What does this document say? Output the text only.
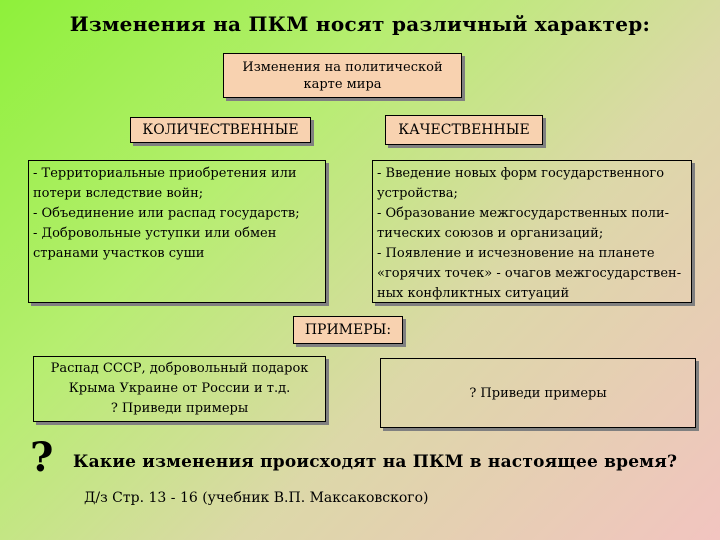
Изменения на ПКМ носят различный характер:
Изменения на политической
карте мира
КОЛИЧЕСТВЕННЫЕ	КАЧЕСТВЕННЫЕ
- Территориальные приобретения или
потери вследствие войн;
- Объединение или распад государств;
- Добровольные уступки или обмен
странами участков суши
- Введение новых форм государственного
устройства;
- Образование межгосударственных поли-
тических союзов и организаций;
- Появление и исчезновение на планете
«горячих точек» - очагов межгосударствен-
ных конфликтных ситуаций
ПРИМЕРЫ:
Распад СССР, добровольный подарок
Крыма Украине от России и т.д.
? Приведи примеры
? Приведи примеры
? Какие изменения происходят на ПКМ в настоящее время?
Д/з Стр. 13 - 16 (учебник В.П. Максаковского)
